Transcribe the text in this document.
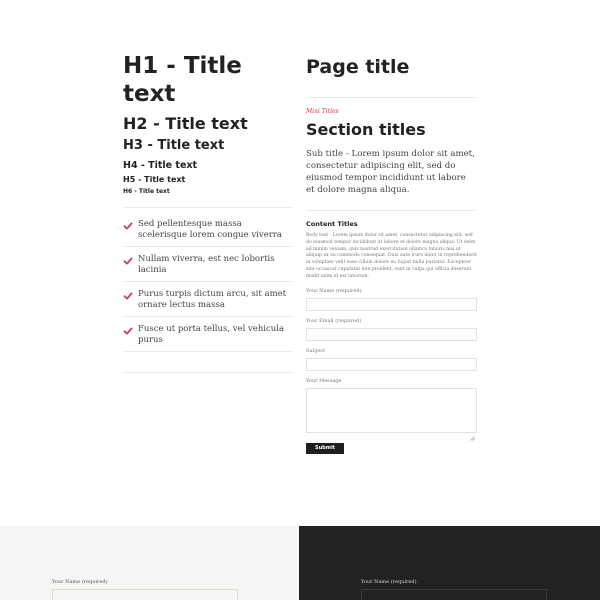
H1 - Title text
H2 - Title text
H3 - Title text
H4 - Title text
H5 - Title text
H6 - Title text
Sed pellentesque massa scelerisque lorem congue viverra
Nullam viverra, est nec lobortis lacinia
Purus turpis dictum arcu, sit amet ornare lectus massa
Fusce ut porta tellus, vel vehicula purus
Page title
Mini Titles
Section titles
Sub title - Lorem ipsum dolor sit amet, consectetur adipiscing elit, sed do eiusmod tempor incididunt ut labore et dolore magna aliqua.
Content Titles
Body text - Lorem ipsum dolor sit amet, consectetur adipiscing elit, sed do eiusmod tempor incididunt ut labore et dolore magna aliqua. Ut enim ad minim veniam, quis nostrud exercitation ullamco laboris nisi ut aliquip ex ea commodo consequat. Duis aute irure dolor in reprehenderit in voluptate velit esse cillum dolore eu fugiat nulla pariatur. Excepteur sint occaecat cupidatat non proident, sunt in culpa qui officia deserunt mollit anim id est laborum.
Your Name (required)
Your Email (required)
Subject
Your Message
Submit
Your Name (required)	Your Name (required)
